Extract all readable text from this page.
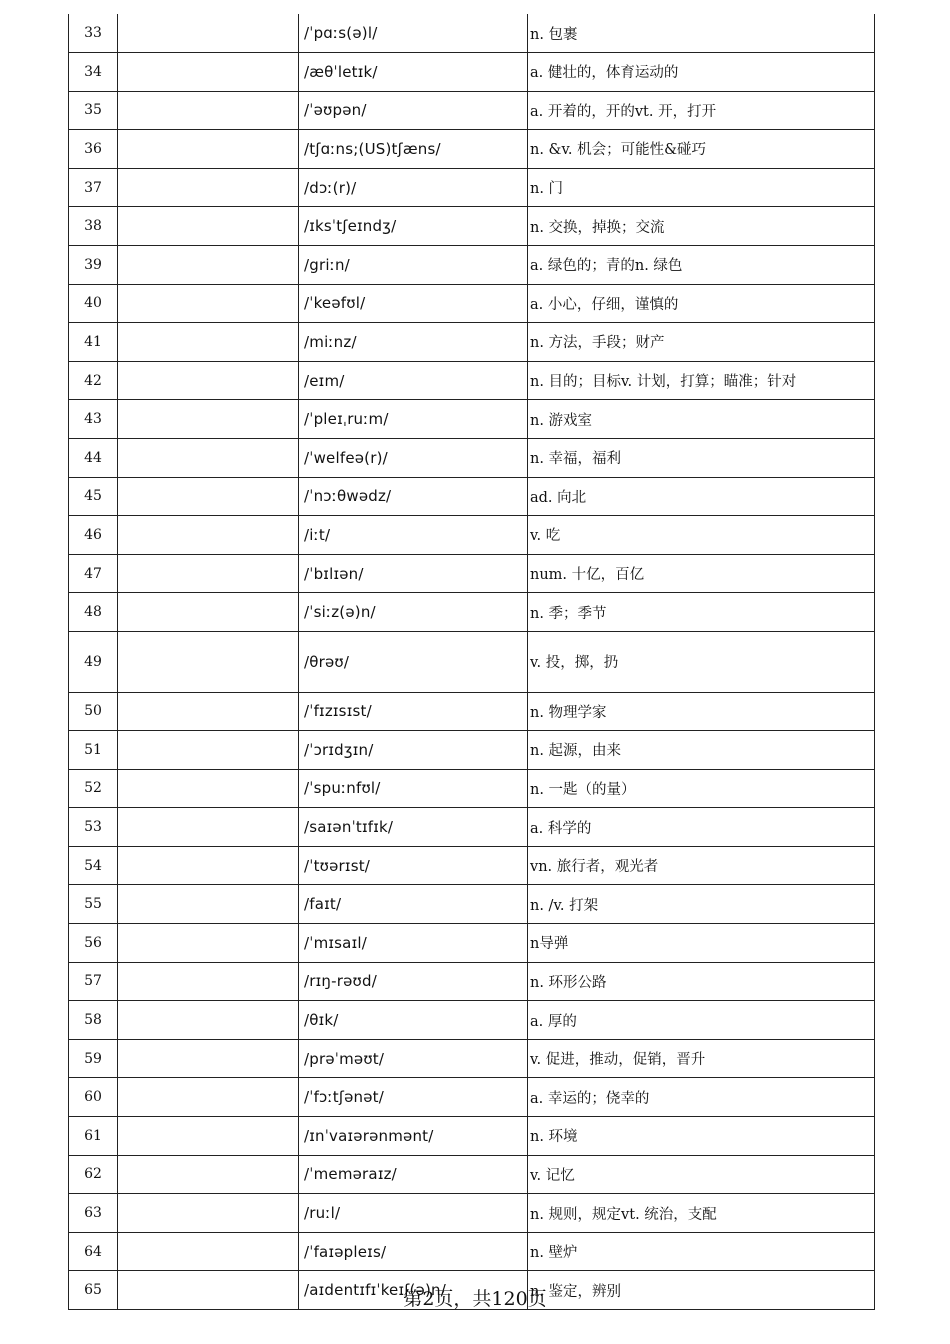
33		/ˈpɑːs(ə)l/	n. 包裹
34		/æθˈletɪk/	a. 健壮的，体育运动的
35		/ˈəʊpən/	a. 开着的，开的vt. 开，打开
36		/tʃɑːns;(US)tʃæns/	n. &v. 机会；可能性&碰巧
37		/dɔː(r)/	n. 门
38		/ɪksˈtʃeɪndʒ/	n. 交换，掉换；交流
39		/griːn/	a. 绿色的；青的n. 绿色
40		/ˈkeəfʊl/	a. 小心，仔细，谨慎的
41		/miːnz/	n. 方法，手段；财产
42		/eɪm/	n. 目的；目标v. 计划，打算；瞄准；针对
43		/ˈpleɪˌruːm/	n. 游戏室
44		/ˈwelfeə(r)/	n. 幸福，福利
45		/ˈnɔːθwədz/	ad. 向北
46		/iːt/	v. 吃
47		/ˈbɪlɪən/	num. 十亿，百亿
48		/ˈsiːz(ə)n/	n. 季；季节
49		/θrəʊ/	v. 投，掷，扔
50		/ˈfɪzɪsɪst/	n. 物理学家
51		/ˈɔrɪdʒɪn/	n. 起源，由来
52		/ˈspuːnfʊl/	n. 一匙（的量）
53		/saɪənˈtɪfɪk/	a. 科学的
54		/ˈtʊərɪst/	vn. 旅行者，观光者
55		/faɪt/	n. /v. 打架
56		/ˈmɪsaɪl/	n导弹
57		/rɪŋ-rəʊd/	n. 环形公路
58		/θɪk/	a. 厚的
59		/prəˈməʊt/	v. 促进，推动，促销，晋升
60		/ˈfɔːtʃənət/	a. 幸运的；侥幸的
61		/ɪnˈvaɪərənmənt/	n. 环境
62		/ˈmeməraɪz/	v. 记忆
63		/ruːl/	n. 规则，规定vt. 统治，支配
64		/ˈfaɪəpleɪs/	n. 壁炉
65		/aɪdentɪfɪˈkeɪʃ(ə)n/	n. 鉴定，辨别
第2页，共120页
